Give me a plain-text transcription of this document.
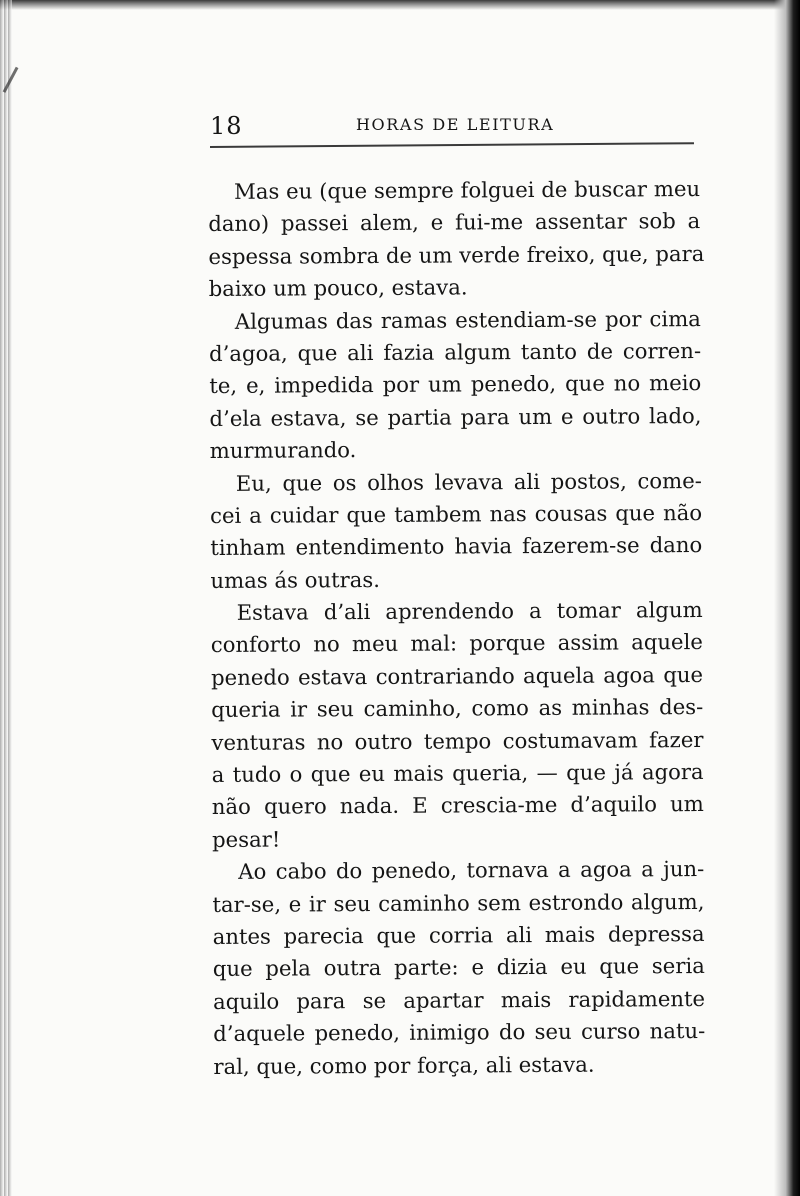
18	HORAS DE LEITURA
Mas eu (que sempre folguei de buscar meu
dano) passei alem, e fui-me assentar sob a
espessa sombra de um verde freixo, que, para
baixo um pouco, estava.
Algumas das ramas estendiam-se por cima
d’agoa, que ali fazia algum tanto de corren-
te, e, impedida por um penedo, que no meio
d’ela estava, se partia para um e outro lado,
murmurando.
Eu, que os olhos levava ali postos, come-
cei a cuidar que tambem nas cousas que não
tinham entendimento havia fazerem-se dano
umas ás outras.
Estava d’ali aprendendo a tomar algum
conforto no meu mal: porque assim aquele
penedo estava contrariando aquela agoa que
queria ir seu caminho, como as minhas des-
venturas no outro tempo costumavam fazer
a tudo o que eu mais queria, — que já agora
não quero nada. E crescia-me d’aquilo um
pesar!
Ao cabo do penedo, tornava a agoa a jun-
tar-se, e ir seu caminho sem estrondo algum,
antes parecia que corria ali mais depressa
que pela outra parte: e dizia eu que seria
aquilo para se apartar mais rapidamente
d’aquele penedo, inimigo do seu curso natu-
ral, que, como por força, ali estava.
